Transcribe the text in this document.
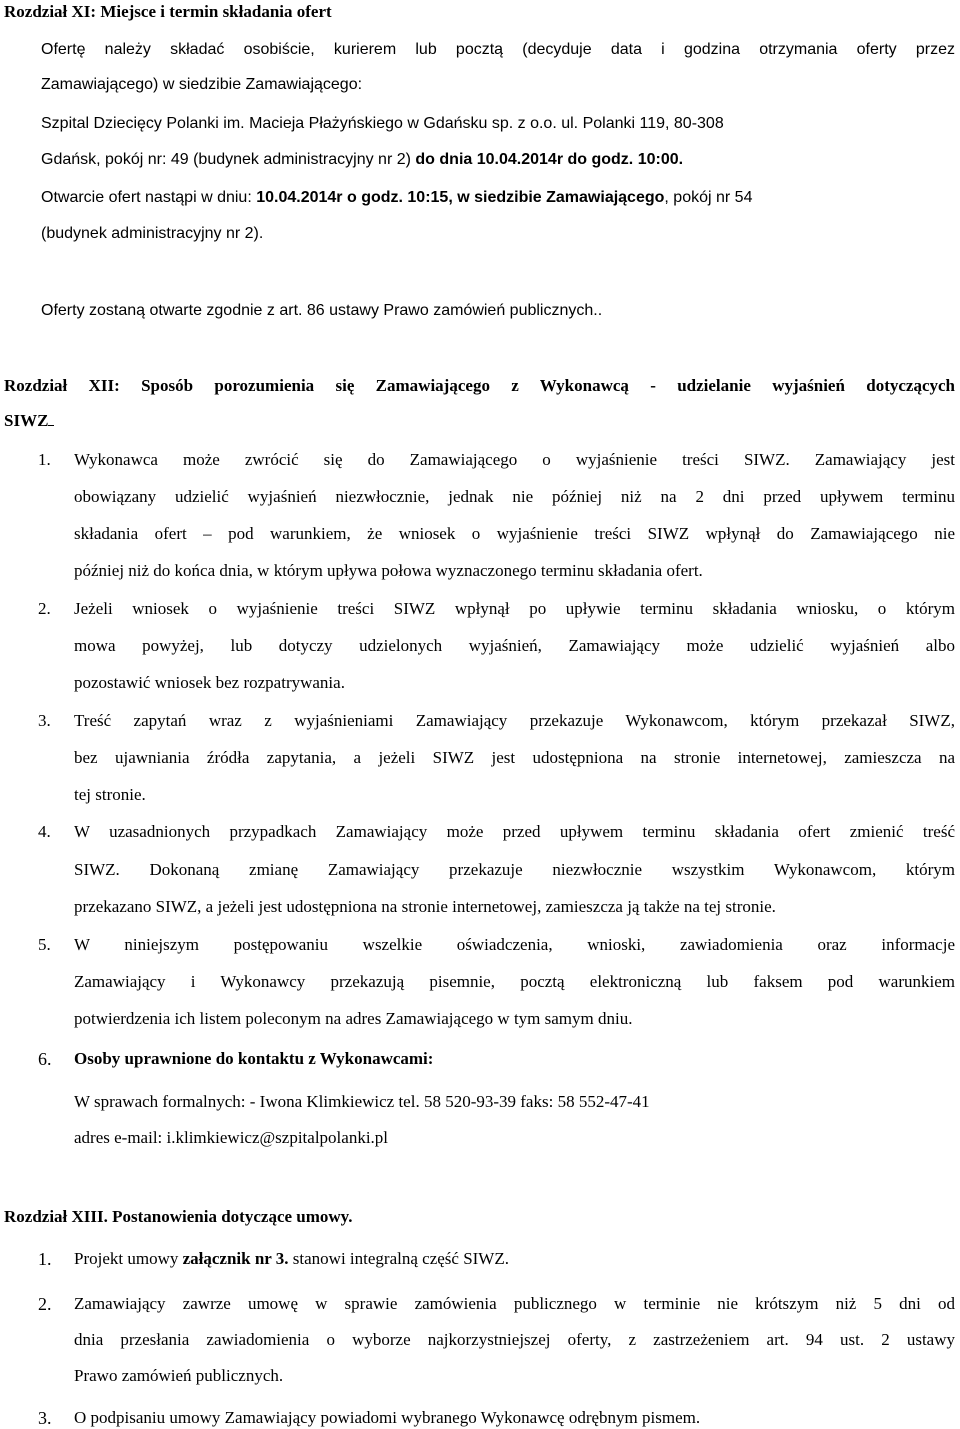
Rozdział XI: Miejsce i termin składania ofert
Ofertę należy składać osobiście, kurierem lub pocztą (decyduje data i godzina otrzymania oferty przez
Zamawiającego) w siedzibie Zamawiającego:
Szpital Dziecięcy Polanki im. Macieja Płażyńskiego w Gdańsku sp. z o.o. ul. Polanki 119, 80-308
Gdańsk, pokój nr: 49 (budynek administracyjny nr 2) do dnia 10.04.2014r do godz. 10:00.
Otwarcie ofert nastąpi w dniu: 10.04.2014r o godz. 10:15, w siedzibie Zamawiającego, pokój nr 54
(budynek administracyjny nr 2).
Oferty zostaną otwarte zgodnie z art. 86 ustawy Prawo zamówień publicznych..
Rozdział XII: Sposób porozumienia się Zamawiającego z Wykonawcą - udzielanie wyjaśnień dotyczących
SIWZ
1. Wykonawca może zwrócić się do Zamawiającego o wyjaśnienie treści SIWZ. Zamawiający jest
obowiązany udzielić wyjaśnień niezwłocznie, jednak nie później niż na 2 dni przed upływem terminu
składania ofert – pod warunkiem, że wniosek o wyjaśnienie treści SIWZ wpłynął do Zamawiającego nie
później niż do końca dnia, w którym upływa połowa wyznaczonego terminu składania ofert.
2. Jeżeli wniosek o wyjaśnienie treści SIWZ wpłynął po upływie terminu składania wniosku, o którym
mowa powyżej, lub dotyczy udzielonych wyjaśnień, Zamawiający może udzielić wyjaśnień albo
pozostawić wniosek bez rozpatrywania.
3. Treść zapytań wraz z wyjaśnieniami Zamawiający przekazuje Wykonawcom, którym przekazał SIWZ,
bez ujawniania źródła zapytania, a jeżeli SIWZ jest udostępniona na stronie internetowej, zamieszcza na
tej stronie.
4. W uzasadnionych przypadkach Zamawiający może przed upływem terminu składania ofert zmienić treść
SIWZ. Dokonaną zmianę Zamawiający przekazuje niezwłocznie wszystkim Wykonawcom, którym
przekazano SIWZ, a jeżeli jest udostępniona na stronie internetowej, zamieszcza ją także na tej stronie.
5. W niniejszym postępowaniu wszelkie oświadczenia, wnioski, zawiadomienia oraz informacje
Zamawiający i Wykonawcy przekazują pisemnie, pocztą elektroniczną lub faksem pod warunkiem
potwierdzenia ich listem poleconym na adres Zamawiającego w tym samym dniu.
6. Osoby uprawnione do kontaktu z Wykonawcami:
W sprawach formalnych: - Iwona Klimkiewicz tel. 58 520-93-39 faks: 58 552-47-41
adres e-mail: i.klimkiewicz@szpitalpolanki.pl
Rozdział XIII. Postanowienia dotyczące umowy.
1. Projekt umowy załącznik nr 3. stanowi integralną część SIWZ.
2. Zamawiający zawrze umowę w sprawie zamówienia publicznego w terminie nie krótszym niż 5 dni od
dnia przesłania zawiadomienia o wyborze najkorzystniejszej oferty, z zastrzeżeniem art. 94 ust. 2 ustawy
Prawo zamówień publicznych.
3. O podpisaniu umowy Zamawiający powiadomi wybranego Wykonawcę odrębnym pismem.
